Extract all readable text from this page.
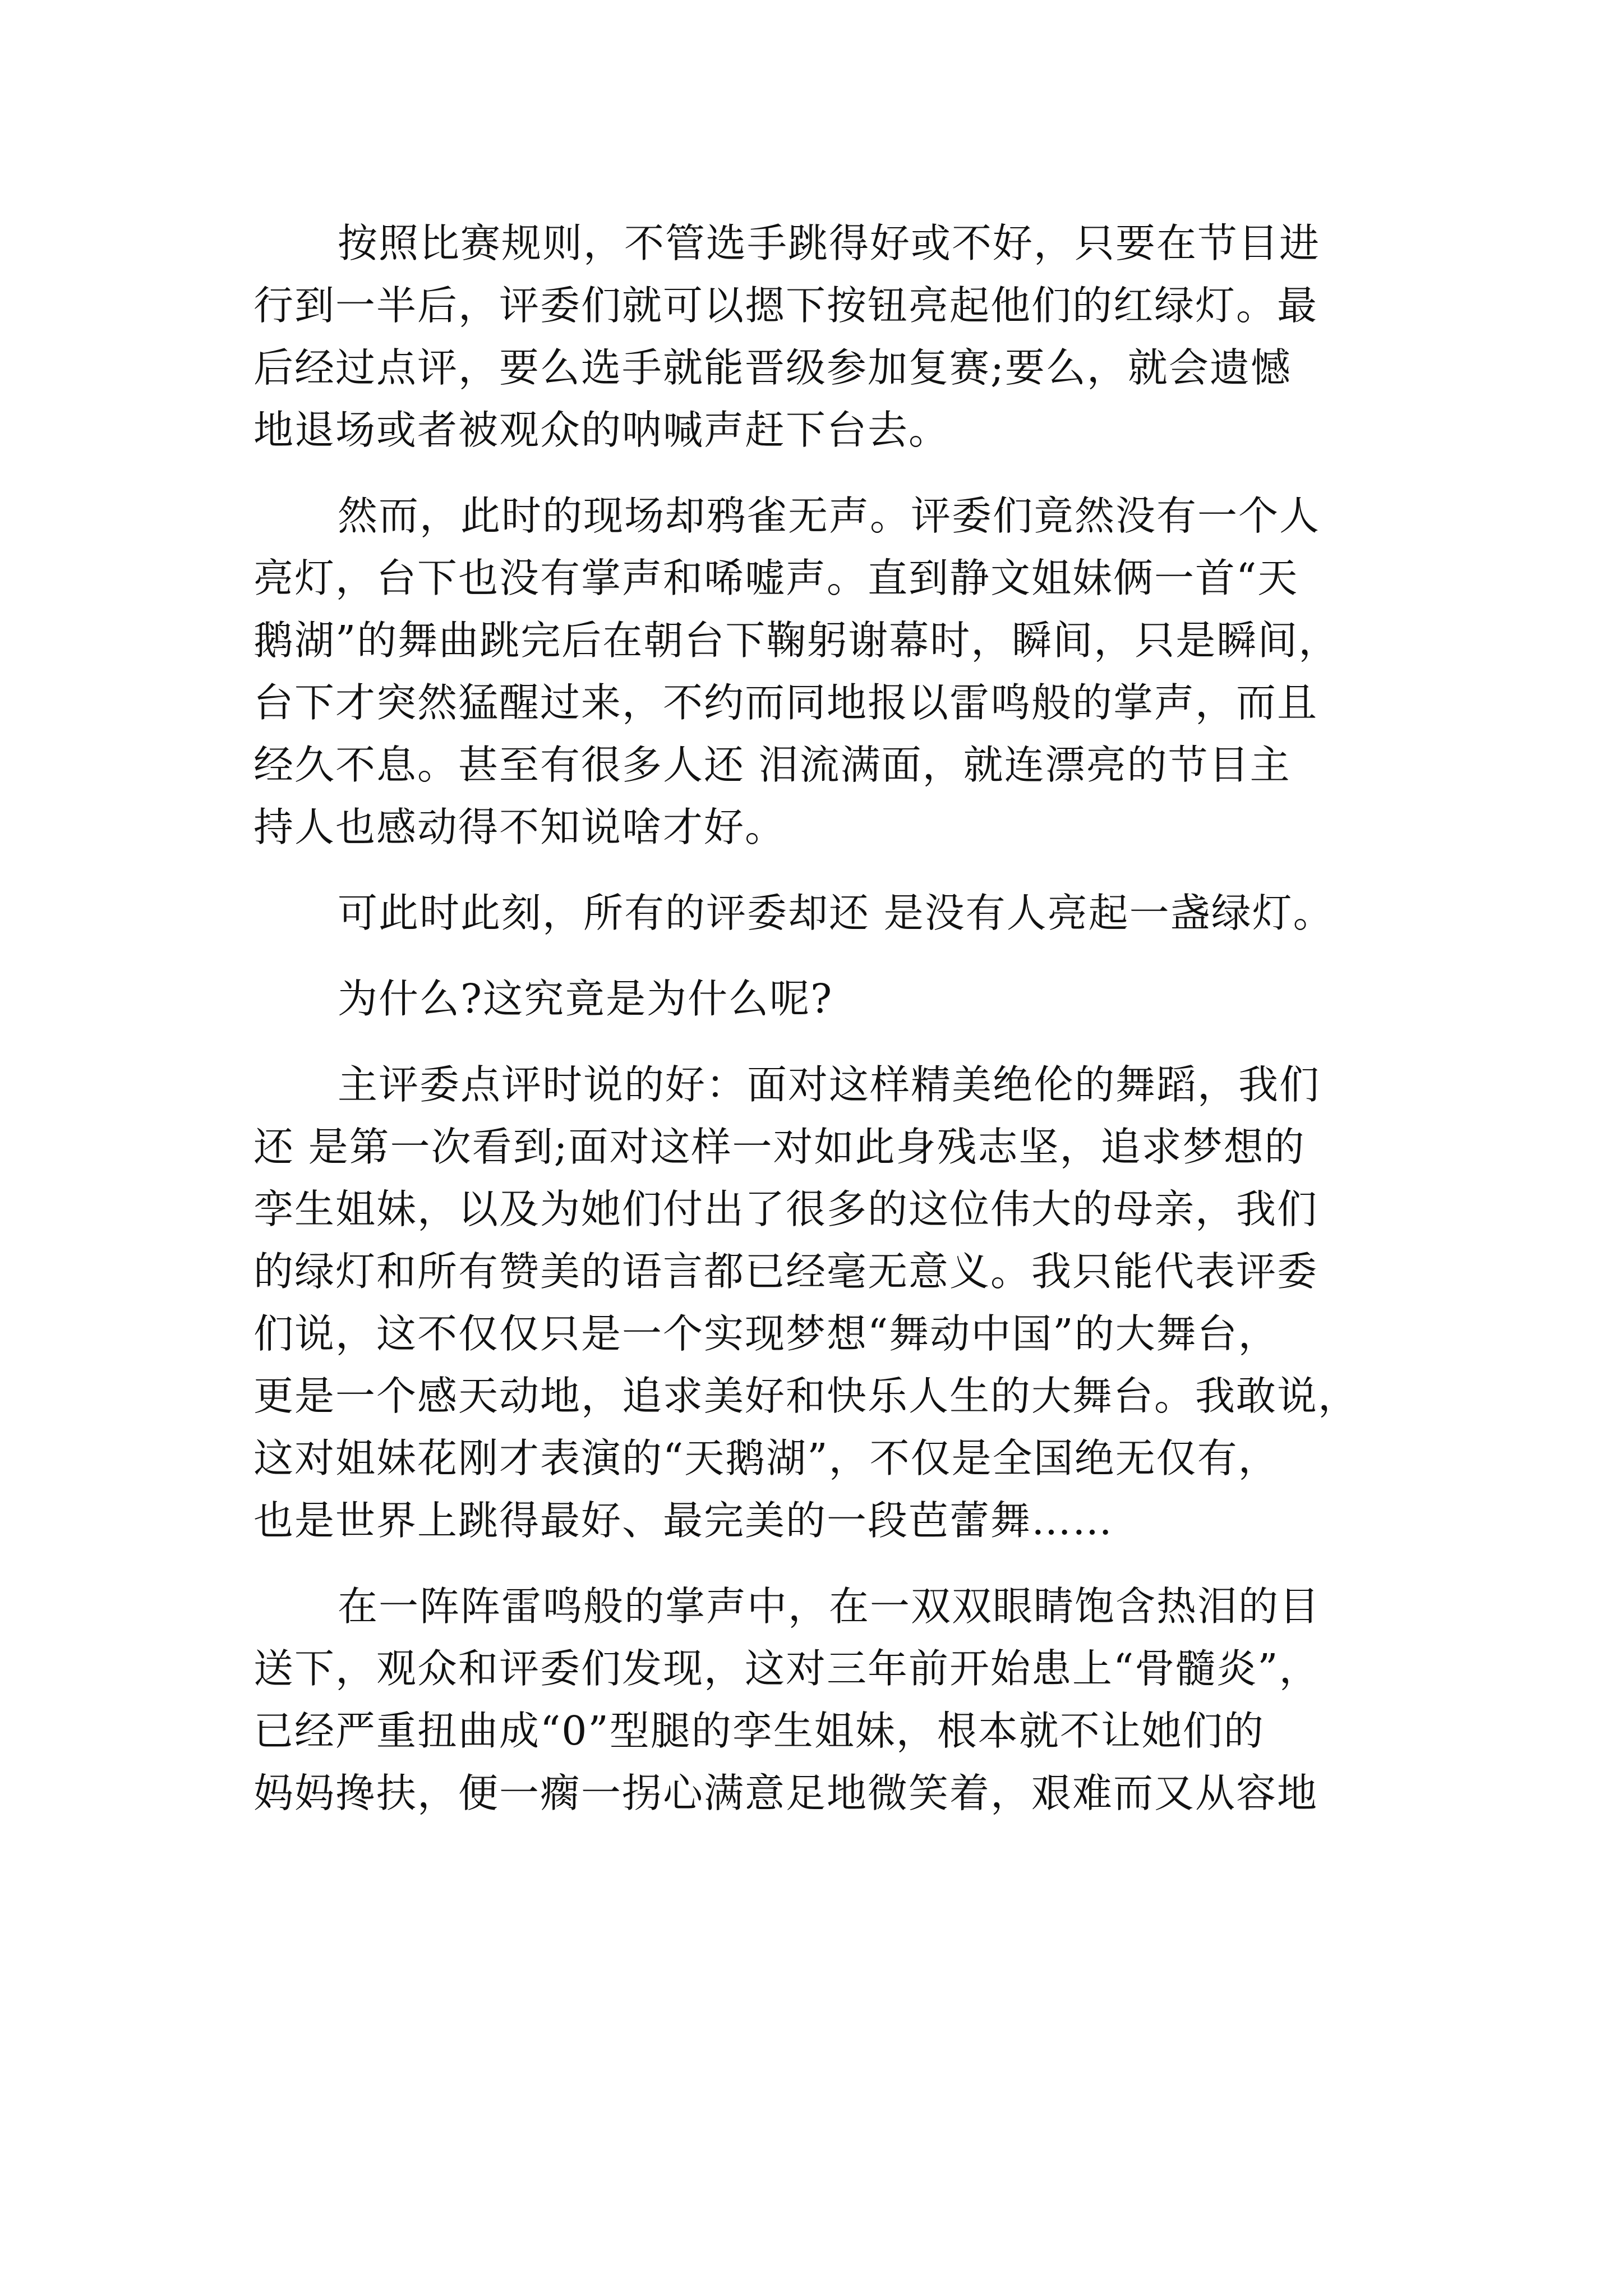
按照比赛规则，不管选手跳得好或不好，只要在节目进
行到一半后，评委们就可以摁下按钮亮起他们的红绿灯。最
后经过点评，要么选手就能晋级参加复赛;要么，就会遗憾
地退场或者被观众的呐喊声赶下台去。
然而，此时的现场却鸦雀无声。评委们竟然没有一个人
亮灯，台下也没有掌声和唏嘘声。直到静文姐妹俩一首“天
鹅湖”的舞曲跳完后在朝台下鞠躬谢幕时，瞬间，只是瞬间，
台下才突然猛醒过来，不约而同地报以雷鸣般的掌声，而且
经久不息。甚至有很多人还 泪流满面，就连漂亮的节目主
持人也感动得不知说啥才好。
可此时此刻，所有的评委却还 是没有人亮起一盏绿灯。
为什么?这究竟是为什么呢?
主评委点评时说的好：面对这样精美绝伦的舞蹈，我们
还 是第一次看到;面对这样一对如此身残志坚，追求梦想的
孪生姐妹，以及为她们付出了很多的这位伟大的母亲，我们
的绿灯和所有赞美的语言都已经毫无意义。我只能代表评委
们说，这不仅仅只是一个实现梦想“舞动中国”的大舞台，
更是一个感天动地，追求美好和快乐人生的大舞台。我敢说，
这对姐妹花刚才表演的“天鹅湖”，不仅是全国绝无仅有，
也是世界上跳得最好、最完美的一段芭蕾舞……
在一阵阵雷鸣般的掌声中，在一双双眼睛饱含热泪的目
送下，观众和评委们发现，这对三年前开始患上“骨髓炎”，
已经严重扭曲成“0”型腿的孪生姐妹，根本就不让她们的
妈妈搀扶，便一瘸一拐心满意足地微笑着，艰难而又从容地
